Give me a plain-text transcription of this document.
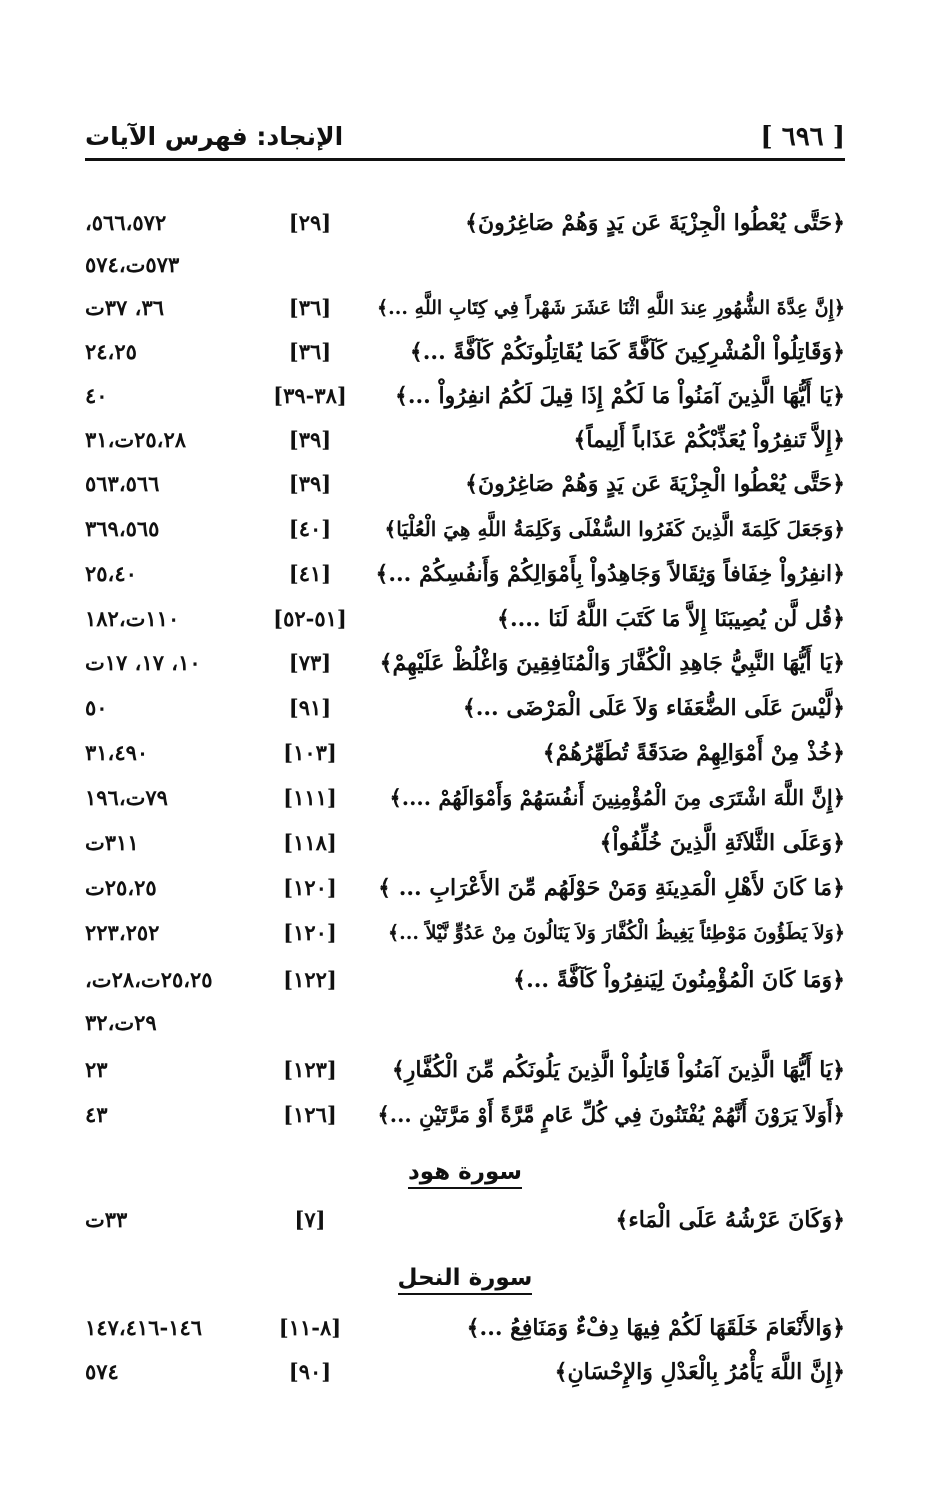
[ ٦٩٦ ]
الإنجاد: فهرس الآيات
﴿حَتَّى يُعْطُوا الْجِزْيَةَ عَن يَدٍ وَهُمْ صَاغِرُونَ﴾
[٢٩]
٥٦٦،٥٧٢،
٥٧٣ت،٥٧٤
﴿إِنَّ عِدَّةَ الشُّهُورِ عِندَ اللَّهِ اثْنَا عَشَرَ شَهْراً فِي كِتَابِ اللَّهِ ...﴾
[٣٦]
٣٦، ٣٧ت
﴿وَقَاتِلُواْ الْمُشْرِكِينَ كَآفَّةً كَمَا يُقَاتِلُونَكُمْ كَآفَّةً ...﴾
[٣٦]
٢٤،٢٥
﴿يَا أَيُّهَا الَّذِينَ آمَنُواْ مَا لَكُمْ إِذَا قِيلَ لَكُمُ انفِرُواْ ...﴾
[٣٨-٣٩]
٤٠
﴿إِلاَّ تَنفِرُواْ يُعَذِّبْكُمْ عَذَاباً أَلِيماً﴾
[٣٩]
٢٥،٢٨ت،٣١
﴿حَتَّى يُعْطُوا الْجِزْيَةَ عَن يَدٍ وَهُمْ صَاغِرُونَ﴾
[٣٩]
٥٦٣،٥٦٦
﴿وَجَعَلَ كَلِمَةَ الَّذِينَ كَفَرُوا السُّفْلَى وَكَلِمَةُ اللَّهِ هِيَ الْعُلْيَا﴾
[٤٠]
٣٦٩،٥٦٥
﴿انفِرُواْ خِفَافاً وَثِقَالاً وَجَاهِدُواْ بِأَمْوَالِكُمْ وَأَنفُسِكُمْ ...﴾
[٤١]
٢٥،٤٠
﴿قُل لَّن يُصِيبَنَا إِلاَّ مَا كَتَبَ اللَّهُ لَنَا ....﴾
[٥١-٥٢]
١١٠ت،١٨٢
﴿يَا أَيُّهَا النَّبِيُّ جَاهِدِ الْكُفَّارَ وَالْمُنَافِقِينَ وَاغْلُظْ عَلَيْهِمْ﴾
[٧٣]
١٠، ١٧، ١٧ت
﴿لَّيْسَ عَلَى الضُّعَفَاء وَلاَ عَلَى الْمَرْضَى ...﴾
[٩١]
٥٠
﴿خُذْ مِنْ أَمْوَالِهِمْ صَدَقَةً تُطَهِّرُهُمْ﴾
[١٠٣]
٣١،٤٩٠
﴿إِنَّ اللَّهَ اشْتَرَى مِنَ الْمُؤْمِنِينَ أَنفُسَهُمْ وَأَمْوَالَهُمْ ....﴾
[١١١]
٧٩ت،١٩٦
﴿وَعَلَى الثَّلاَثَةِ الَّذِينَ خُلِّفُواْ﴾
[١١٨]
٣١١ت
﴿مَا كَانَ لأَهْلِ الْمَدِينَةِ وَمَنْ حَوْلَهُم مِّنَ الأَعْرَابِ ... ﴾
[١٢٠]
٢٥،٢٥ت
﴿وَلاَ يَطَؤُونَ مَوْطِئاً يَغِيظُ الْكُفَّارَ وَلاَ يَنَالُونَ مِنْ عَدُوٍّ نَّيْلاً ...﴾
[١٢٠]
٢٢٣،٢٥٢
﴿وَمَا كَانَ الْمُؤْمِنُونَ لِيَنفِرُواْ كَآفَّةً ...﴾
[١٢٢]
٢٥،٢٥ت،٢٨ت،
٢٩ت،٣٢
﴿يَا أَيُّهَا الَّذِينَ آمَنُواْ قَاتِلُواْ الَّذِينَ يَلُونَكُم مِّنَ الْكُفَّارِ﴾
[١٢٣]
٢٣
﴿أَوَلاَ يَرَوْنَ أَنَّهُمْ يُفْتَنُونَ فِي كُلِّ عَامٍ مَّرَّةً أَوْ مَرَّتَيْنِ ...﴾
[١٢٦]
٤٣
سورة هود
﴿وَكَانَ عَرْشُهُ عَلَى الْمَاء﴾
[٧]
٣٣ت
سورة النحل
﴿وَالأَنْعَامَ خَلَقَهَا لَكُمْ فِيهَا دِفْءٌ وَمَنَافِعُ ...﴾
[٨-١١]
١٤٦-١٤٧،٤١٦
﴿إِنَّ اللَّهَ يَأْمُرُ بِالْعَدْلِ وَالإِحْسَانِ﴾
[٩٠]
٥٧٤
